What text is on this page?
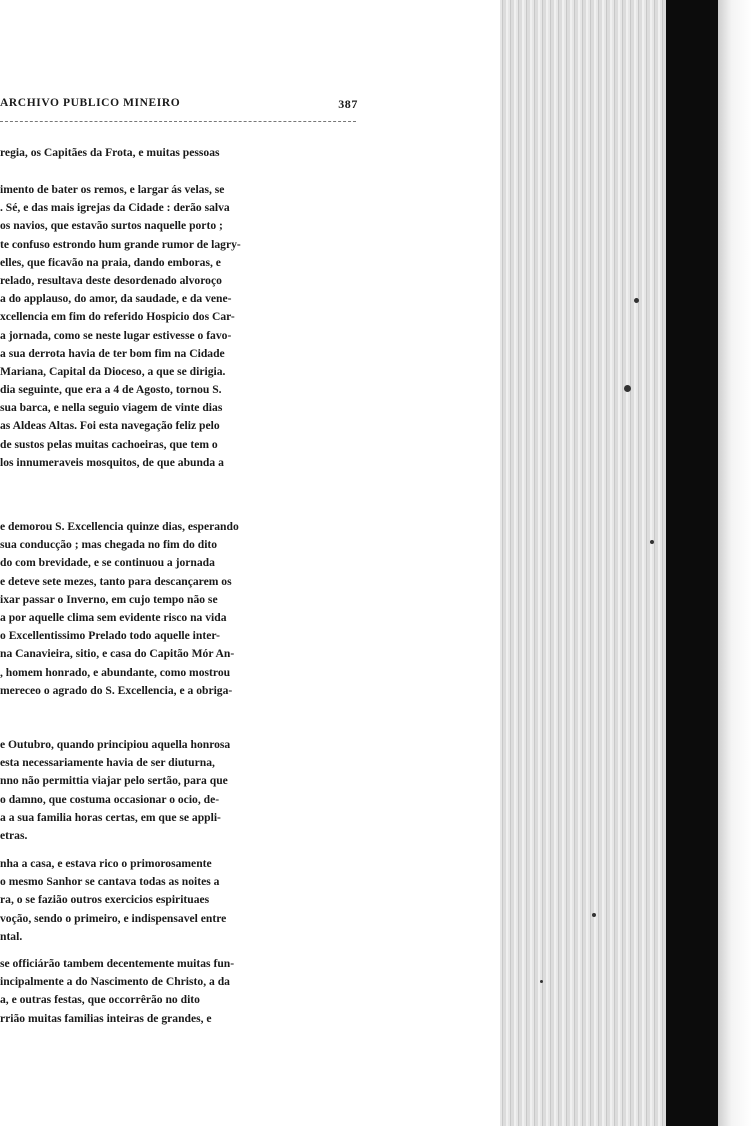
ARCHIVO PUBLICO MINEIRO	387
regia, os Capitães da Frota, e muitas pessoas
imento de bater os remos, e largar ás velas, se
. Sé, e das mais igrejas da Cidade : derão salva
os navios, que estavão surtos naquelle porto ;
te confuso estrondo hum grande rumor de lagry-
elles, que ficavão na praia, dando emboras, e
relado, resultava deste desordenado alvoroço
a do applauso, do amor, da saudade, e da vene-
xcellencia em fim do referido Hospicio dos Car-
a jornada, como se neste lugar estivesse o favo-
a sua derrota havia de ter bom fim na Cidade
Mariana, Capital da Dioceso, a que se dirigia.
dia seguinte, que era a 4 de Agosto, tornou S.
sua barca, e nella seguio viagem de vinte dias
as Aldeas Altas. Foi esta navegação feliz pelo
de sustos pelas muitas cachoeiras, que tem o
los innumeraveis mosquitos, de que abunda a
e demorou S. Excellencia quinze dias, esperando
sua conducção ; mas chegada no fim do dito
do com brevidade, e se continuou a jornada
e deteve sete mezes, tanto para descançarem os
ixar passar o Inverno, em cujo tempo não se
a por aquelle clima sem evidente risco na vida
o Excellentissimo Prelado todo aquelle inter-
na Canavieira, sitio, e casa do Capitão Mór An-
, homem honrado, e abundante, como mostrou
mereceo o agrado do S. Excellencia, e a obriga-
e Outubro, quando principiou aquella honrosa
esta necessariamente havia de ser diuturna,
nno não permittia viajar pelo sertão, para que
o damno, que costuma occasionar o ocio, de-
a a sua familia horas certas, em que se appli-
etras.
nha a casa, e estava rico o primorosamente
o mesmo Sanhor se cantava todas as noites a
ra, o se fazião outros exercicios espirituaes
voção, sendo o primeiro, e indispensavel entre
ntal.
se officiárão tambem decentemente muitas fun-
incipalmente a do Nascimento de Christo, a da
a, e outras festas, que occorrêrão no dito
rrião muitas familias inteiras de grandes, e
